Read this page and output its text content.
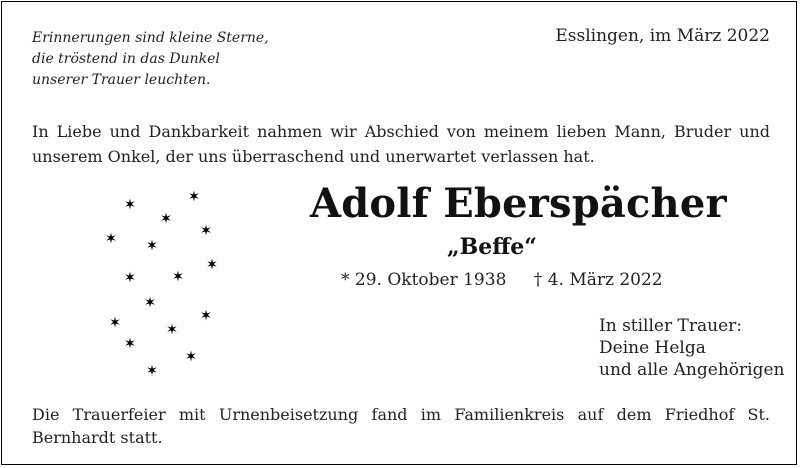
Erinnerungen sind kleine Sterne,
die tröstend in das Dunkel
unserer Trauer leuchten.
Esslingen, im März 2022
In Liebe und Dankbarkeit nahmen wir Abschied von meinem lieben Mann, Bruder und unserem Onkel, der uns überraschend und unerwartet verlassen hat.
Adolf Eberspächer
„Beffe“
* 29. Oktober 1938 † 4. März 2022
In stiller Trauer:
Deine Helga
und alle Angehörigen
Die Trauerfeier mit Urnenbeisetzung fand im Familienkreis auf dem Friedhof St. Bernhardt statt.
